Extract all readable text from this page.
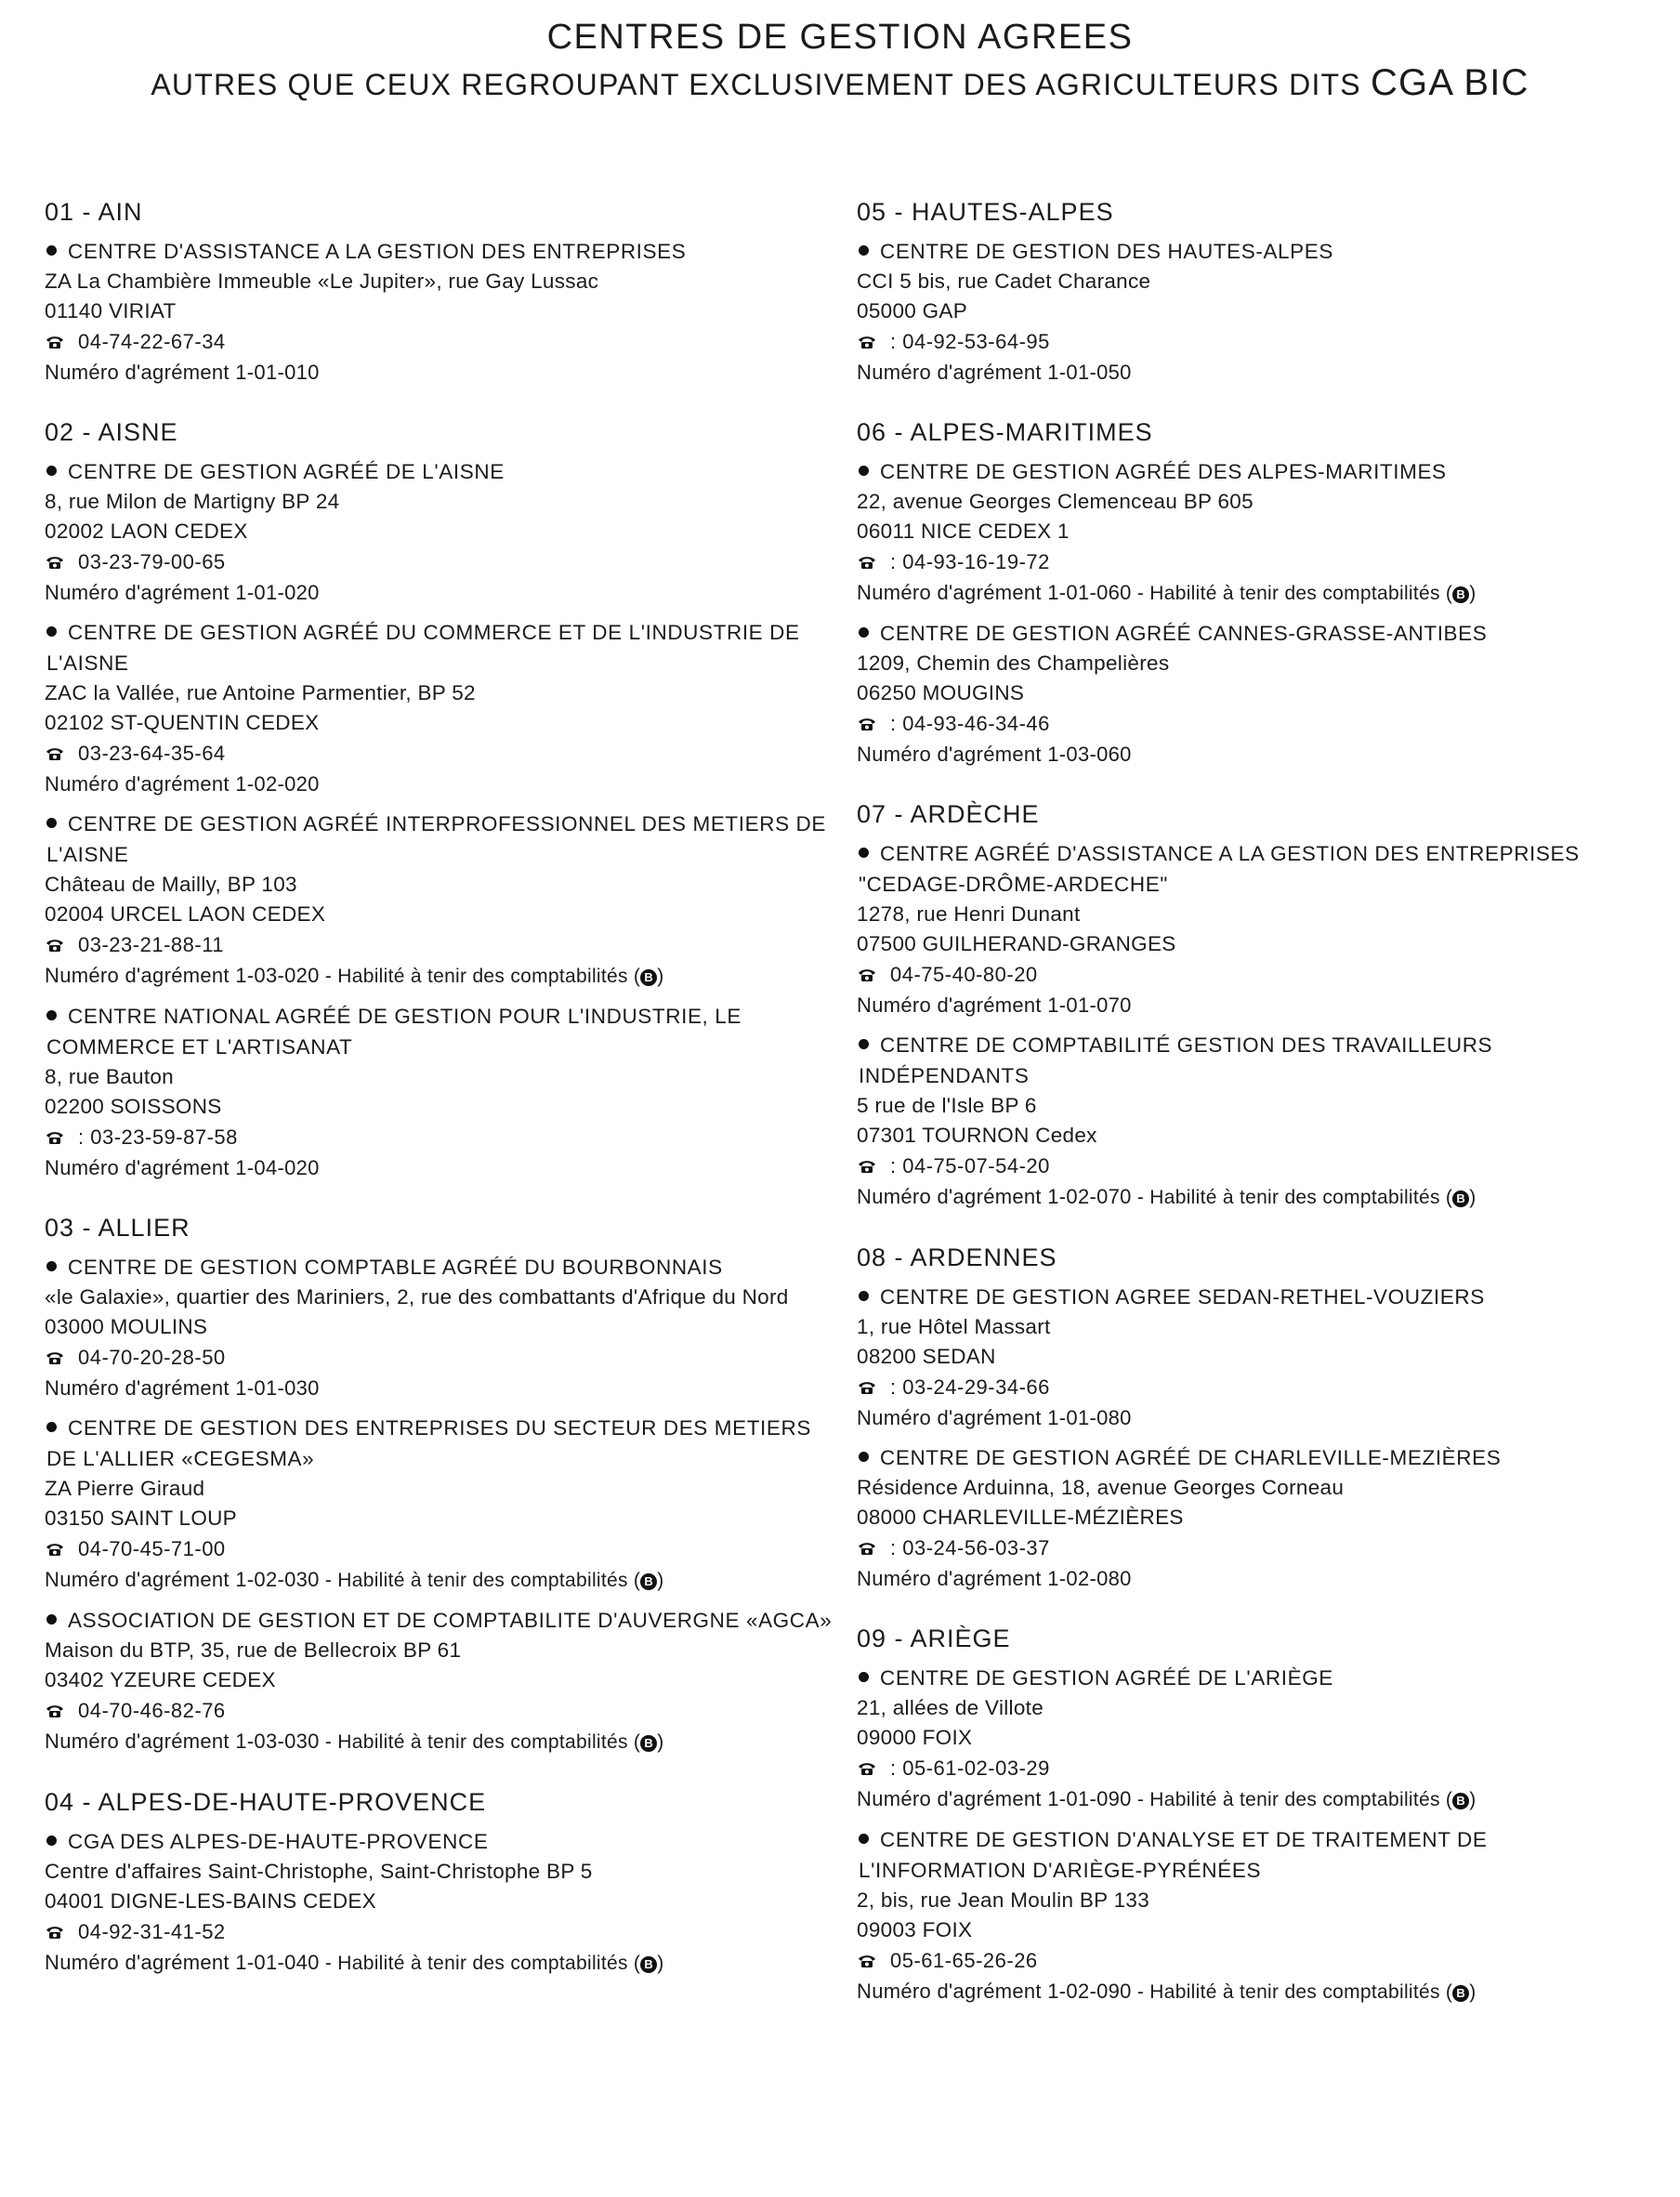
CENTRES DE GESTION AGREES
AUTRES QUE CEUX REGROUPANT EXCLUSIVEMENT DES AGRICULTEURS DITS CGA BIC
01 - AIN
CENTRE D'ASSISTANCE A LA GESTION DES ENTREPRISES
ZA La Chambière Immeuble «Le Jupiter», rue Gay Lussac
01140 VIRIAT
04-74-22-67-34
Numéro d'agrément 1-01-010
02 - AISNE
CENTRE DE GESTION AGRÉÉ DE L'AISNE
8, rue Milon de Martigny BP 24
02002 LAON CEDEX
03-23-79-00-65
Numéro d'agrément 1-01-020
CENTRE DE GESTION AGRÉÉ DU COMMERCE ET DE L'INDUSTRIE DE L'AISNE
ZAC la Vallée, rue Antoine Parmentier, BP 52
02102 ST-QUENTIN CEDEX
03-23-64-35-64
Numéro d'agrément 1-02-020
CENTRE DE GESTION AGRÉÉ INTERPROFESSIONNEL DES METIERS DE L'AISNE
Château de Mailly, BP 103
02004 URCEL LAON CEDEX
03-23-21-88-11
Numéro d'agrément 1-03-020 - Habilité à tenir des comptabilités ( B )
CENTRE NATIONAL AGRÉÉ DE GESTION POUR L'INDUSTRIE, LE COMMERCE ET L'ARTISANAT
8, rue Bauton
02200 SOISSONS
: 03-23-59-87-58
Numéro d'agrément 1-04-020
03 - ALLIER
CENTRE DE GESTION COMPTABLE AGRÉÉ DU BOURBONNAIS
«le Galaxie», quartier des Mariniers, 2, rue des combattants d'Afrique du Nord
03000 MOULINS
04-70-20-28-50
Numéro d'agrément 1-01-030
CENTRE DE GESTION DES ENTREPRISES DU SECTEUR DES METIERS DE L'ALLIER «CEGESMA»
ZA Pierre Giraud
03150 SAINT LOUP
04-70-45-71-00
Numéro d'agrément 1-02-030 - Habilité à tenir des comptabilités ( B )
ASSOCIATION DE GESTION ET DE COMPTABILITE D'AUVERGNE «AGCA»
Maison du BTP, 35, rue de Bellecroix BP 61
03402 YZEURE CEDEX
04-70-46-82-76
Numéro d'agrément 1-03-030 - Habilité à tenir des comptabilités ( B )
04 - ALPES-DE-HAUTE-PROVENCE
CGA DES ALPES-DE-HAUTE-PROVENCE
Centre d'affaires Saint-Christophe, Saint-Christophe BP 5
04001 DIGNE-LES-BAINS CEDEX
04-92-31-41-52
Numéro d'agrément 1-01-040 - Habilité à tenir des comptabilités ( B )
05 - HAUTES-ALPES
CENTRE DE GESTION DES HAUTES-ALPES
CCI 5 bis, rue Cadet Charance
05000 GAP
: 04-92-53-64-95
Numéro d'agrément 1-01-050
06 - ALPES-MARITIMES
CENTRE DE GESTION AGRÉÉ DES ALPES-MARITIMES
22, avenue Georges Clemenceau BP 605
06011 NICE CEDEX 1
: 04-93-16-19-72
Numéro d'agrément 1-01-060 - Habilité à tenir des comptabilités ( B )
CENTRE DE GESTION AGRÉÉ CANNES-GRASSE-ANTIBES
1209, Chemin des Champelières
06250 MOUGINS
: 04-93-46-34-46
Numéro d'agrément 1-03-060
07 - ARDÈCHE
CENTRE AGRÉÉ D'ASSISTANCE A LA GESTION DES ENTREPRISES "CEDAGE-DRÔME-ARDECHE"
1278, rue Henri Dunant
07500 GUILHERAND-GRANGES
04-75-40-80-20
Numéro d'agrément 1-01-070
CENTRE DE COMPTABILITÉ GESTION DES TRAVAILLEURS INDÉPENDANTS
5 rue de l'Isle BP 6
07301 TOURNON Cedex
: 04-75-07-54-20
Numéro d'agrément 1-02-070 - Habilité à tenir des comptabilités ( B )
08 - ARDENNES
CENTRE DE GESTION AGREE SEDAN-RETHEL-VOUZIERS
1, rue Hôtel Massart
08200 SEDAN
: 03-24-29-34-66
Numéro d'agrément 1-01-080
CENTRE DE GESTION AGRÉÉ DE CHARLEVILLE-MEZIÈRES
Résidence Arduinna, 18, avenue Georges Corneau
08000 CHARLEVILLE-MÉZIÈRES
: 03-24-56-03-37
Numéro d'agrément 1-02-080
09 - ARIÈGE
CENTRE DE GESTION AGRÉÉ DE L'ARIÈGE
21, allées de Villote
09000 FOIX
: 05-61-02-03-29
Numéro d'agrément 1-01-090 - Habilité à tenir des comptabilités ( B )
CENTRE DE GESTION D'ANALYSE ET DE TRAITEMENT DE L'INFORMATION D'ARIÈGE-PYRÉNÉES
2, bis, rue Jean Moulin BP 133
09003 FOIX
05-61-65-26-26
Numéro d'agrément 1-02-090 - Habilité à tenir des comptabilités ( B )
